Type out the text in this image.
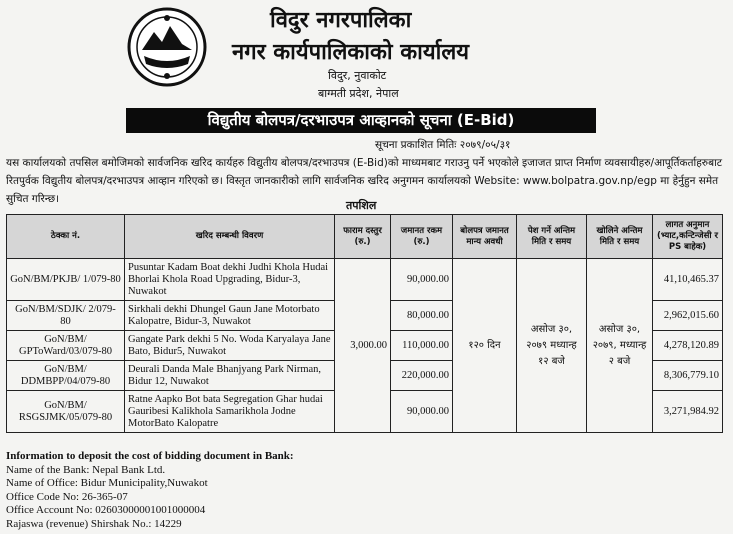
विदुर नगरपालिका
नगर कार्यपालिकाको कार्यालय
विदुर, नुवाकोट
बाग्मती प्रदेश, नेपाल
विद्युतीय बोलपत्र/दरभाउपत्र आव्हानको सूचना (E-Bid)
सूचना प्रकाशित मितिः २०७९/०५/३१
यस कार्यालयको तपसिल बमोजिमको सार्वजनिक खरिद कार्यहरु विद्युतीय बोलपत्र/दरभाउपत्र (E-Bid)को माध्यमबाट गराउनु पर्ने भएकोले इजाजत प्राप्त निर्माण व्यवसायीहरु/आपूर्तिकर्ताहरुबाट रितपुर्वक विद्युतीय बोलपत्र/दरभाउपत्र आव्हान गरिएको छ। विस्तृत जानकारीको लागि सार्वजनिक खरिद अनुगमन कार्यालयको Website: www.bolpatra.gov.np/egp मा हेर्नुहुन समेत सुचित गरिन्छ।	तपशिल
ठेक्का नं.	खरिद सम्बन्धी विवरण	फाराम दस्तुर (रु.)	जमानत रकम (रु.)	बोलपत्र जमानत मान्य अवधी	पेश गर्ने अन्तिम मिति र समय	खोलिने अन्तिम मिति र समय	लागत अनुमान (भ्याट,कन्टिन्जेसी र PS बाहेक)
GoN/BM/PKJB/ 1/079-80	Pusuntar Kadam Boat dekhi Judhi Khola Hudai Bhorlai Khola Road Upgrading, Bidur-3, Nuwakot	3,000.00	90,000.00	१२० दिन	असोज ३०, २०७९ मध्यान्ह १२ बजे	असोज ३०, २०७९, मध्यान्ह २ बजे	41,10,465.37
GoN/BM/SDJK/ 2/079-80	Sirkhali dekhi Dhungel Gaun Jane Motorbato Kalopatre, Bidur-3, Nuwakot		80,000.00				2,962,015.60
GoN/BM/ GPToWard/03/079-80	Gangate Park dekhi 5 No. Woda Karyalaya Jane Bato, Bidur5, Nuwakot		110,000.00				4,278,120.89
GoN/BM/ DDMBPP/04/079-80	Deurali Danda Male Bhanjyang Park Nirman, Bidur 12, Nuwakot		220,000.00				8,306,779.10
GoN/BM/ RSGSJMK/05/079-80	Ratne Aapko Bot bata Segregation Ghar hudai Gauribesi Kalikhola Samarikhola Jodne MotorBato Kalopatre		90,000.00				3,271,984.92
Information to deposit the cost of bidding document in Bank:
Name of the Bank: Nepal Bank Ltd.
Name of Office: Bidur Municipality,Nuwakot
Office Code No: 26-365-07
Office Account No: 02603000001001000004
Rajaswa (revenue) Shirshak No.: 14229
